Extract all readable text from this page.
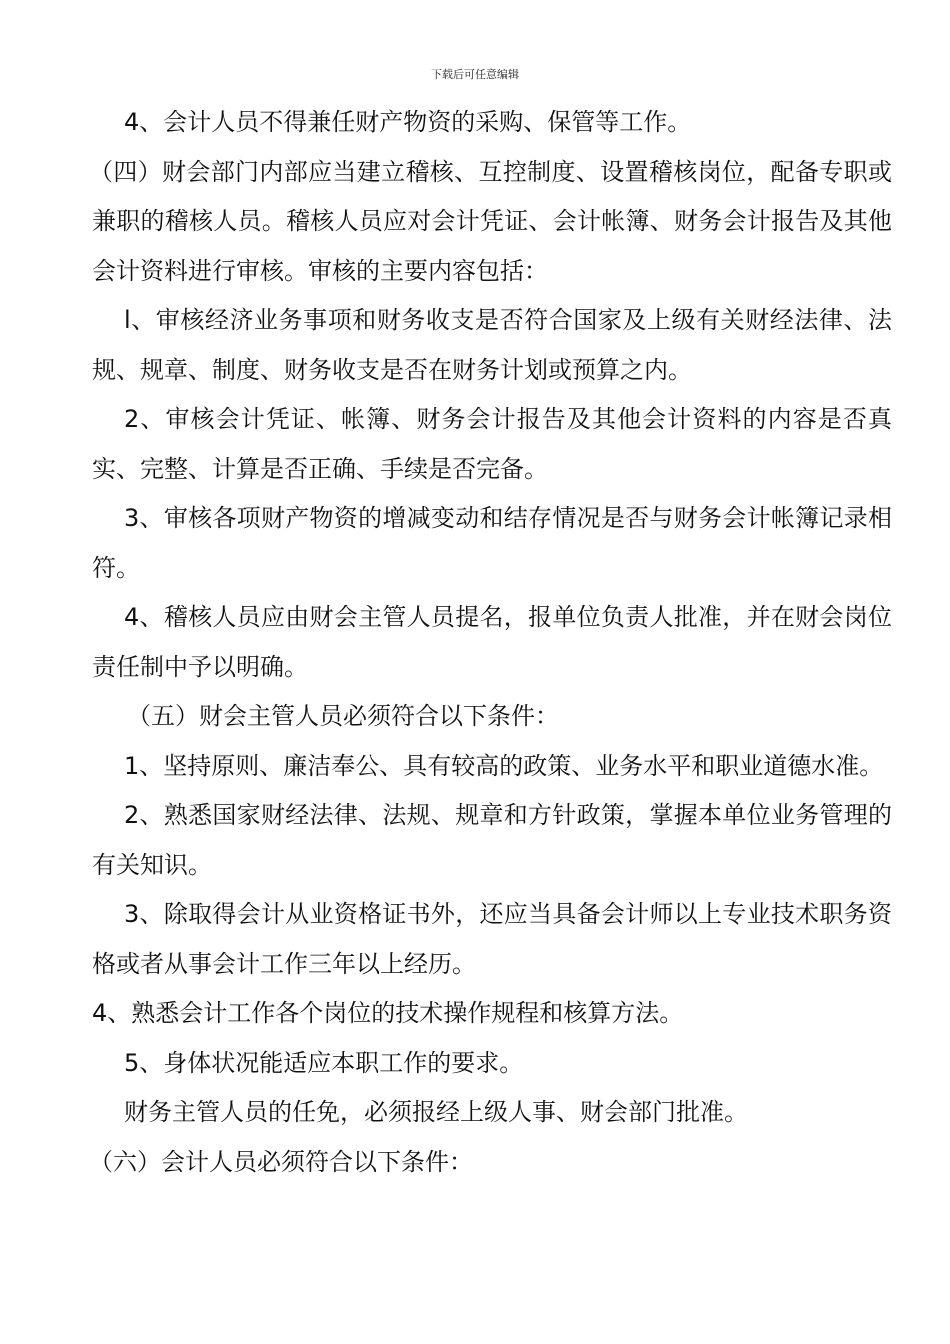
下载后可任意编辑

4、会计人员不得兼任财产物资的采购、保管等工作。

（四）财会部门内部应当建立稽核、互控制度、设置稽核岗位，配备专职或兼职的稽核人员。稽核人员应对会计凭证、会计帐簿、财务会计报告及其他会计资料进行审核。审核的主要内容包括：

l、审核经济业务事项和财务收支是否符合国家及上级有关财经法律、法规、规章、制度、财务收支是否在财务计划或预算之内。

2、审核会计凭证、帐簿、财务会计报告及其他会计资料的内容是否真实、完整、计算是否正确、手续是否完备。

3、审核各项财产物资的增减变动和结存情况是否与财务会计帐簿记录相符。

4、稽核人员应由财会主管人员提名，报单位负责人批准，并在财会岗位责任制中予以明确。

（五）财会主管人员必须符合以下条件：

1、坚持原则、廉洁奉公、具有较高的政策、业务水平和职业道德水准。

2、熟悉国家财经法律、法规、规章和方针政策，掌握本单位业务管理的有关知识。

3、除取得会计从业资格证书外，还应当具备会计师以上专业技术职务资格或者从事会计工作三年以上经历。

4、熟悉会计工作各个岗位的技术操作规程和核算方法。

5、身体状况能适应本职工作的要求。

财务主管人员的任免，必须报经上级人事、财会部门批准。

（六）会计人员必须符合以下条件：
